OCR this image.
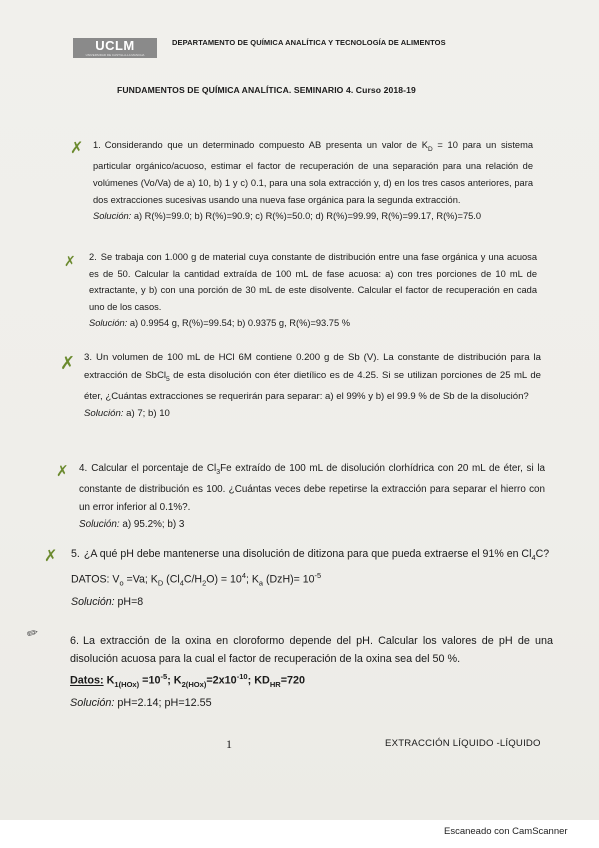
UCLM
UNIVERSIDAD DE CASTILLA-LA MANCHA
DEPARTAMENTO DE QUÍMICA ANALÍTICA Y TECNOLOGÍA DE ALIMENTOS
FUNDAMENTOS DE QUÍMICA ANALÍTICA. SEMINARIO 4. Curso 2018-19
✗ 1. Considerando que un determinado compuesto AB presenta un valor de $K_D = 10$ para un sistema particular orgánico/acuoso, estimar el factor de recuperación de una separación para una relación de volúmenes (Vo/Va) de a) 10, b) 1 y c) 0.1, para una sola extracción y, d) en los tres casos anteriores, para dos extracciones sucesivas usando una nueva fase orgánica para la segunda extracción.

Solución: a) R(%)=99.0; b) R(%)=90.9; c) R(%)=50.0; d) R(%)=99.99, R(%)=99.17, R(%)=75.0

✗ 2. Se trabaja con 1.000 g de material cuya constante de distribución entre una fase orgánica y una acuosa es de 50. Calcular la cantidad extraída de 100 mL de fase acuosa: a) con tres porciones de 10 mL de extractante, y b) con una porción de 30 mL de este disolvente. Calcular el factor de recuperación en cada uno de los casos.

Solución: a) 0.9954 g, R(%)=99.54; b) 0.9375 g, R(%)=93.75 %

✗ 3. Un volumen de 100 mL de HCl 6M contiene 0.200 g de Sb (V). La constante de distribución para la extracción de SbCl$_5$ de esta disolución con éter dietílico es de 4.25. Si se utilizan porciones de 25 mL de éter, ¿Cuántas extracciones se requerirán para separar: a) el 99% y b) el 99.9 % de Sb de la disolución?

Solución: a) 7; b) 10

✗ 4. Calcular el porcentaje de $Cl_3Fe$ extraído de 100 mL de disolución clorhídrica con 20 mL de éter, si la constante de distribución es 100. ¿Cuántas veces debe repetirse la extracción para separar el hierro con un error inferior al 0.1%?.

Solución: a) 95.2%; b) 3

✗ 5. ¿A qué pH debe mantenerse una disolución de ditizona para que pueda extraerse el 91% en $Cl_4C$?

DATOS: $V_o =Va$; $K_D$ $(Cl_4C/H_2O) = 10^4$; $K_a$ $(DzH)= 10^{-5}$

Solución: pH=8

✎	6. La extracción de la oxina en cloroformo depende del pH. Calcular los valores de pH de una disolución acuosa para la cual el factor de recuperación de la oxina sea del 50 %.

Datos: $K_{1(HOx)} =10^{-5}$; $K_{2(HOx)}=2x10^{-10}$; $KD_{HR}=720$

Solución: pH=2.14; pH=12.55

1	EXTRACCIÓN LÍQUIDO -LÍQUIDO
Escaneado con CamScanner
